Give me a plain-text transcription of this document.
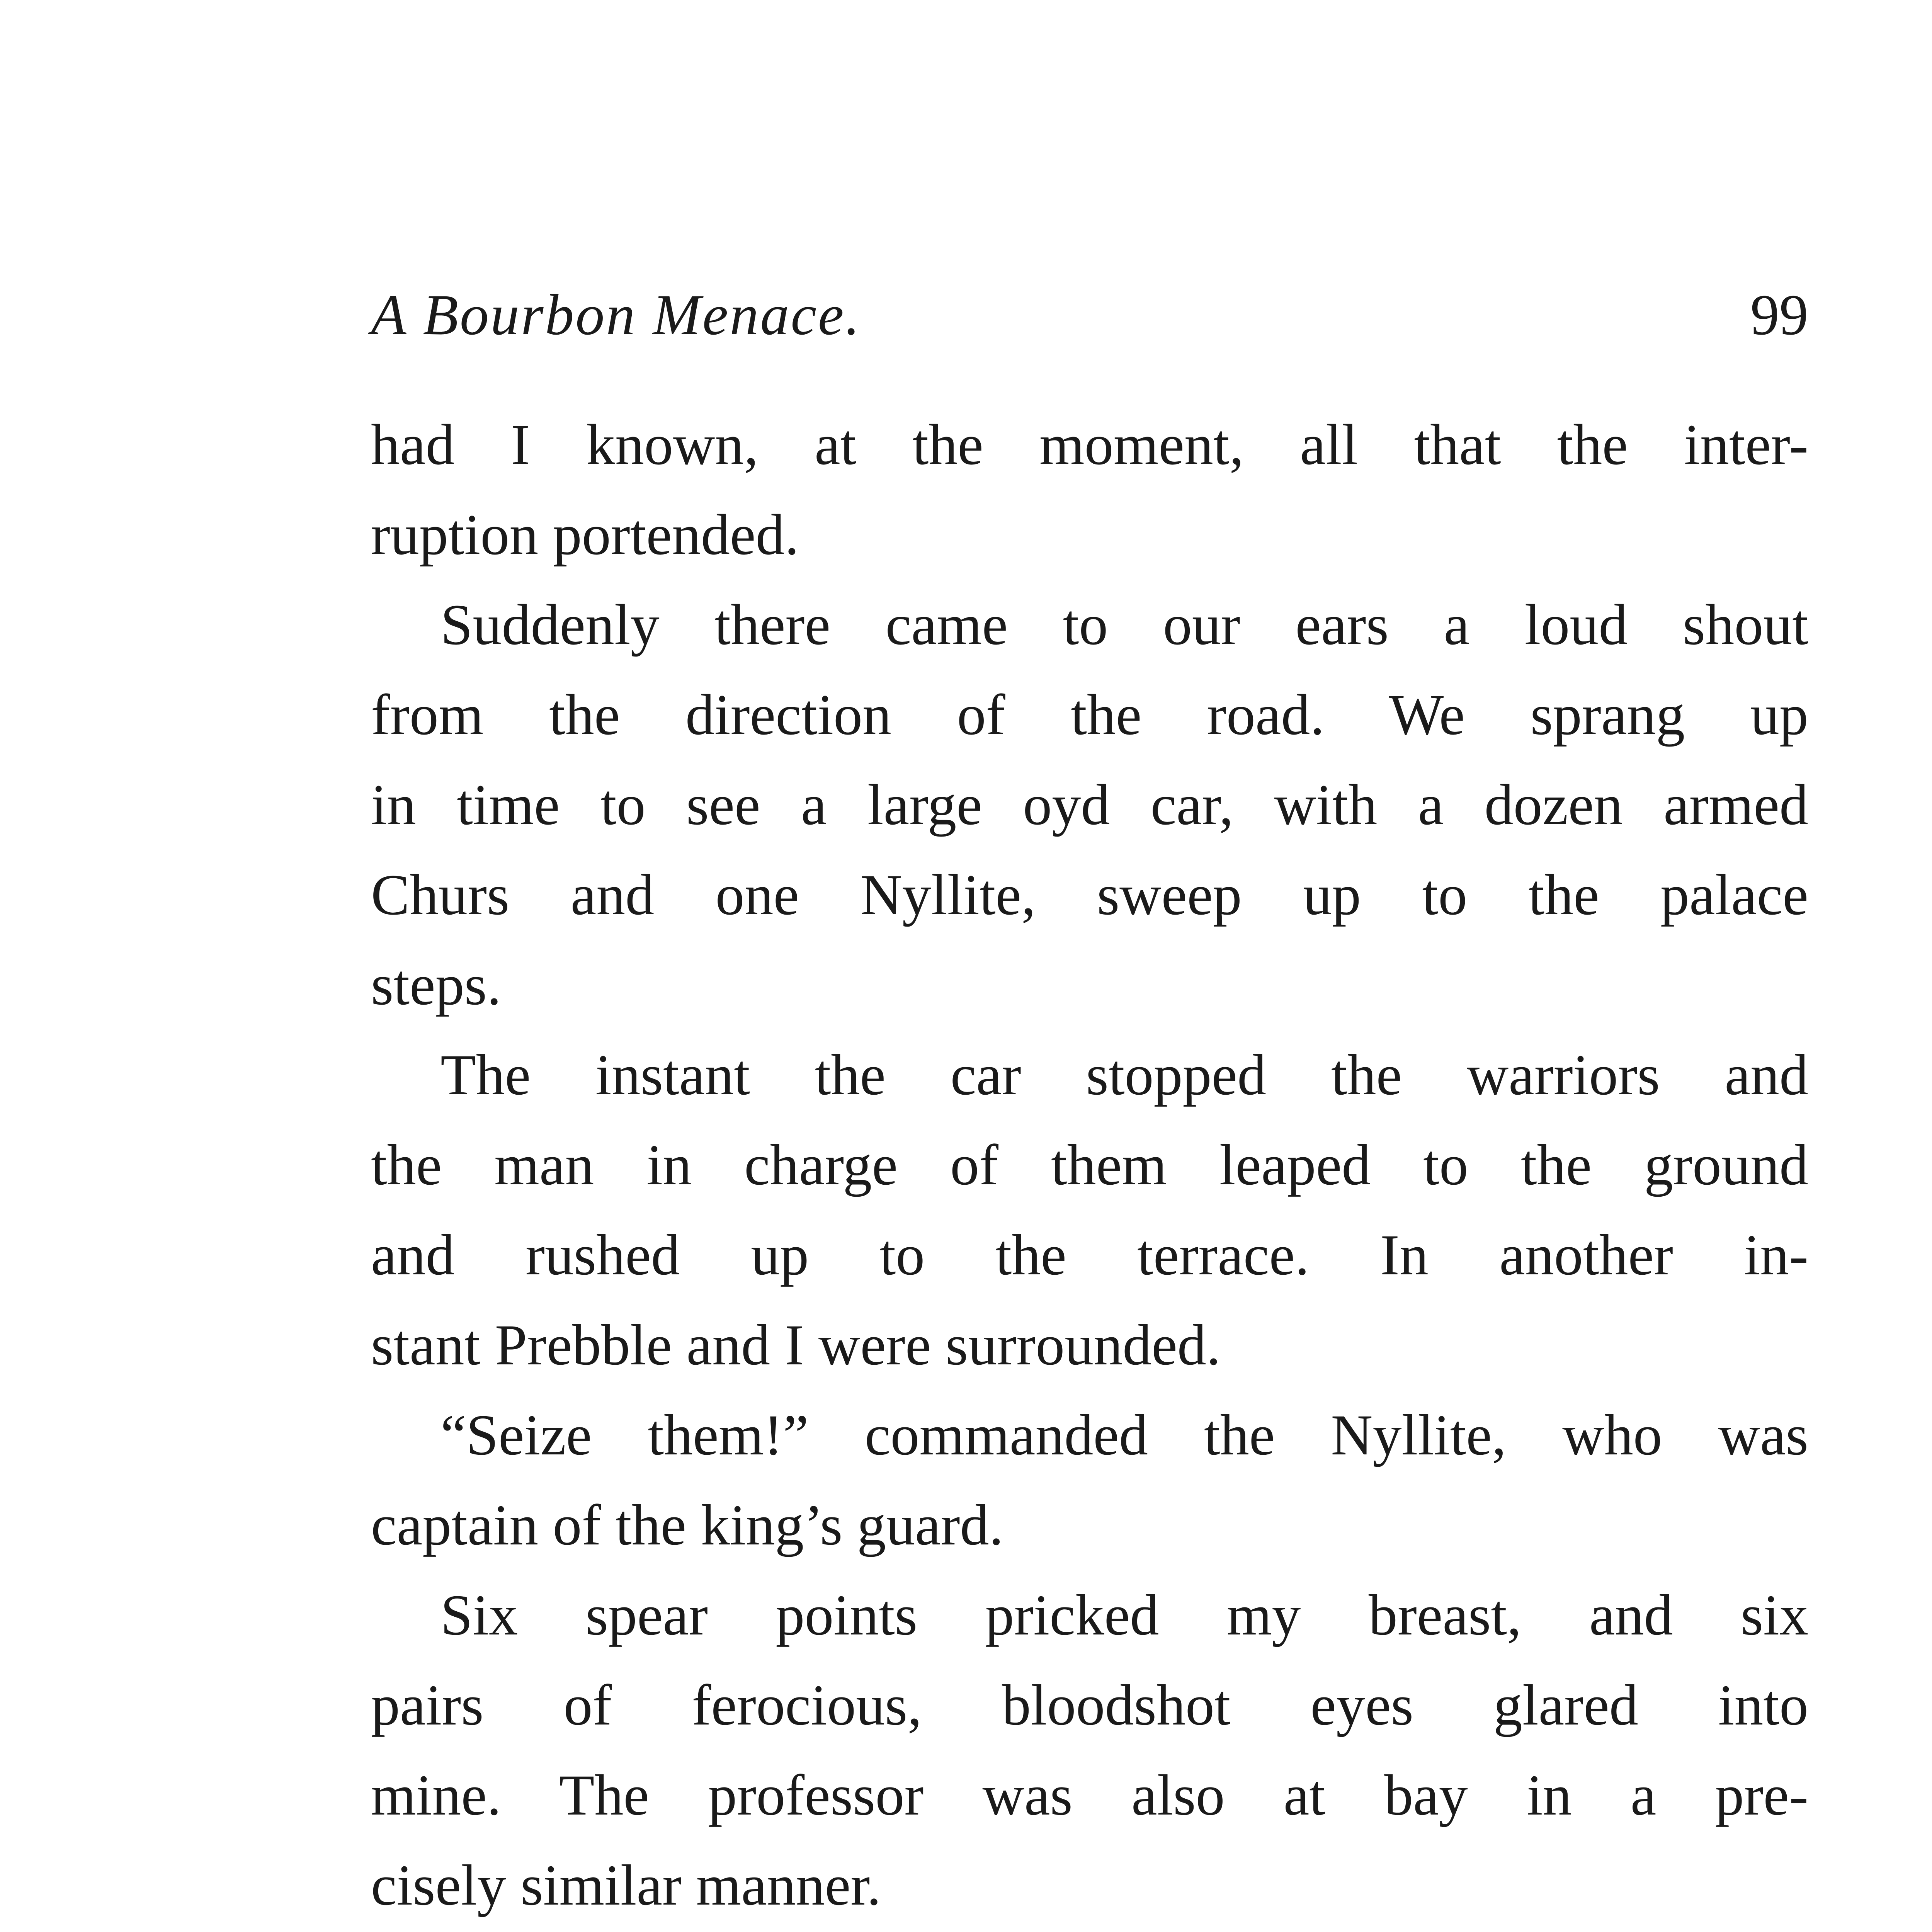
A Bourbon Menace.	99
had I known, at the moment, all that the inter-
ruption portended.
Suddenly there came to our ears a loud shout
from the direction of the road. We sprang up
in time to see a large oyd car, with a dozen armed
Churs and one Nyllite, sweep up to the palace
steps.
The instant the car stopped the warriors and
the man in charge of them leaped to the ground
and rushed up to the terrace. In another in-
stant Prebble and I were surrounded.
“Seize them!” commanded the Nyllite, who was
captain of the king’s guard.
Six spear points pricked my breast, and six
pairs of ferocious, bloodshot eyes glared into
mine. The professor was also at bay in a pre-
cisely similar manner.
